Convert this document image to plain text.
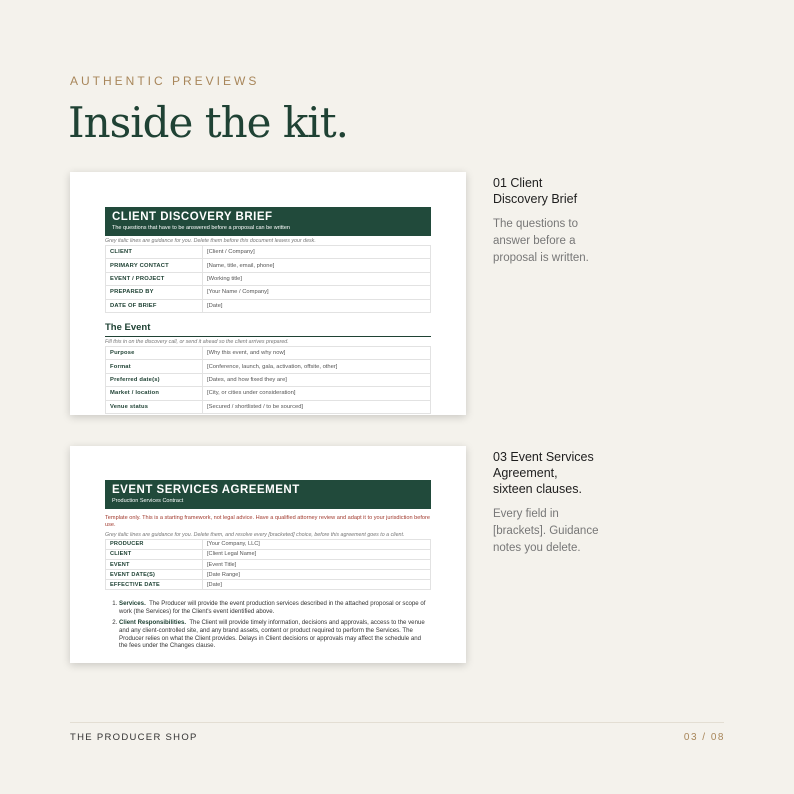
AUTHENTIC PREVIEWS
Inside the kit.
CLIENT DISCOVERY BRIEF
The questions that have to be answered before a proposal can be written
Grey italic lines are guidance for you. Delete them before this document leaves your desk.
CLIENT	[Client / Company]
PRIMARY CONTACT	[Name, title, email, phone]
EVENT / PROJECT	[Working title]
PREPARED BY	[Your Name / Company]
DATE OF BRIEF	[Date]
The Event
Fill this in on the discovery call, or send it ahead so the client arrives prepared.
Purpose	[Why this event, and why now]
Format	[Conference, launch, gala, activation, offsite, other]
Preferred date(s)	[Dates, and how fixed they are]
Market / location	[City, or cities under consideration]
Venue status	[Secured / shortlisted / to be sourced]
01 Client
Discovery Brief
The questions to
answer before a
proposal is written.
EVENT SERVICES AGREEMENT
Production Services Contract
Template only. This is a starting framework, not legal advice. Have a qualified attorney review and adapt it to your jurisdiction before use.
Grey italic lines are guidance for you. Delete them, and resolve every [bracketed] choice, before this agreement goes to a client.
PRODUCER	[Your Company, LLC]
CLIENT	[Client Legal Name]
EVENT	[Event Title]
EVENT DATE(S)	[Date Range]
EFFECTIVE DATE	[Date]
1. Services. The Producer will provide the event production services described in the attached proposal or scope of work (the Services) for the Client's event identified above.
2. Client Responsibilities. The Client will provide timely information, decisions and approvals, access to the venue and any client-controlled site, and any brand assets, content or product required to perform the Services. The Producer relies on what the Client provides. Delays in Client decisions or approvals may affect the schedule and the fees under the Changes clause.
03 Event Services
Agreement,
sixteen clauses.
Every field in
[brackets]. Guidance
notes you delete.
THE PRODUCER SHOP	03 / 08
